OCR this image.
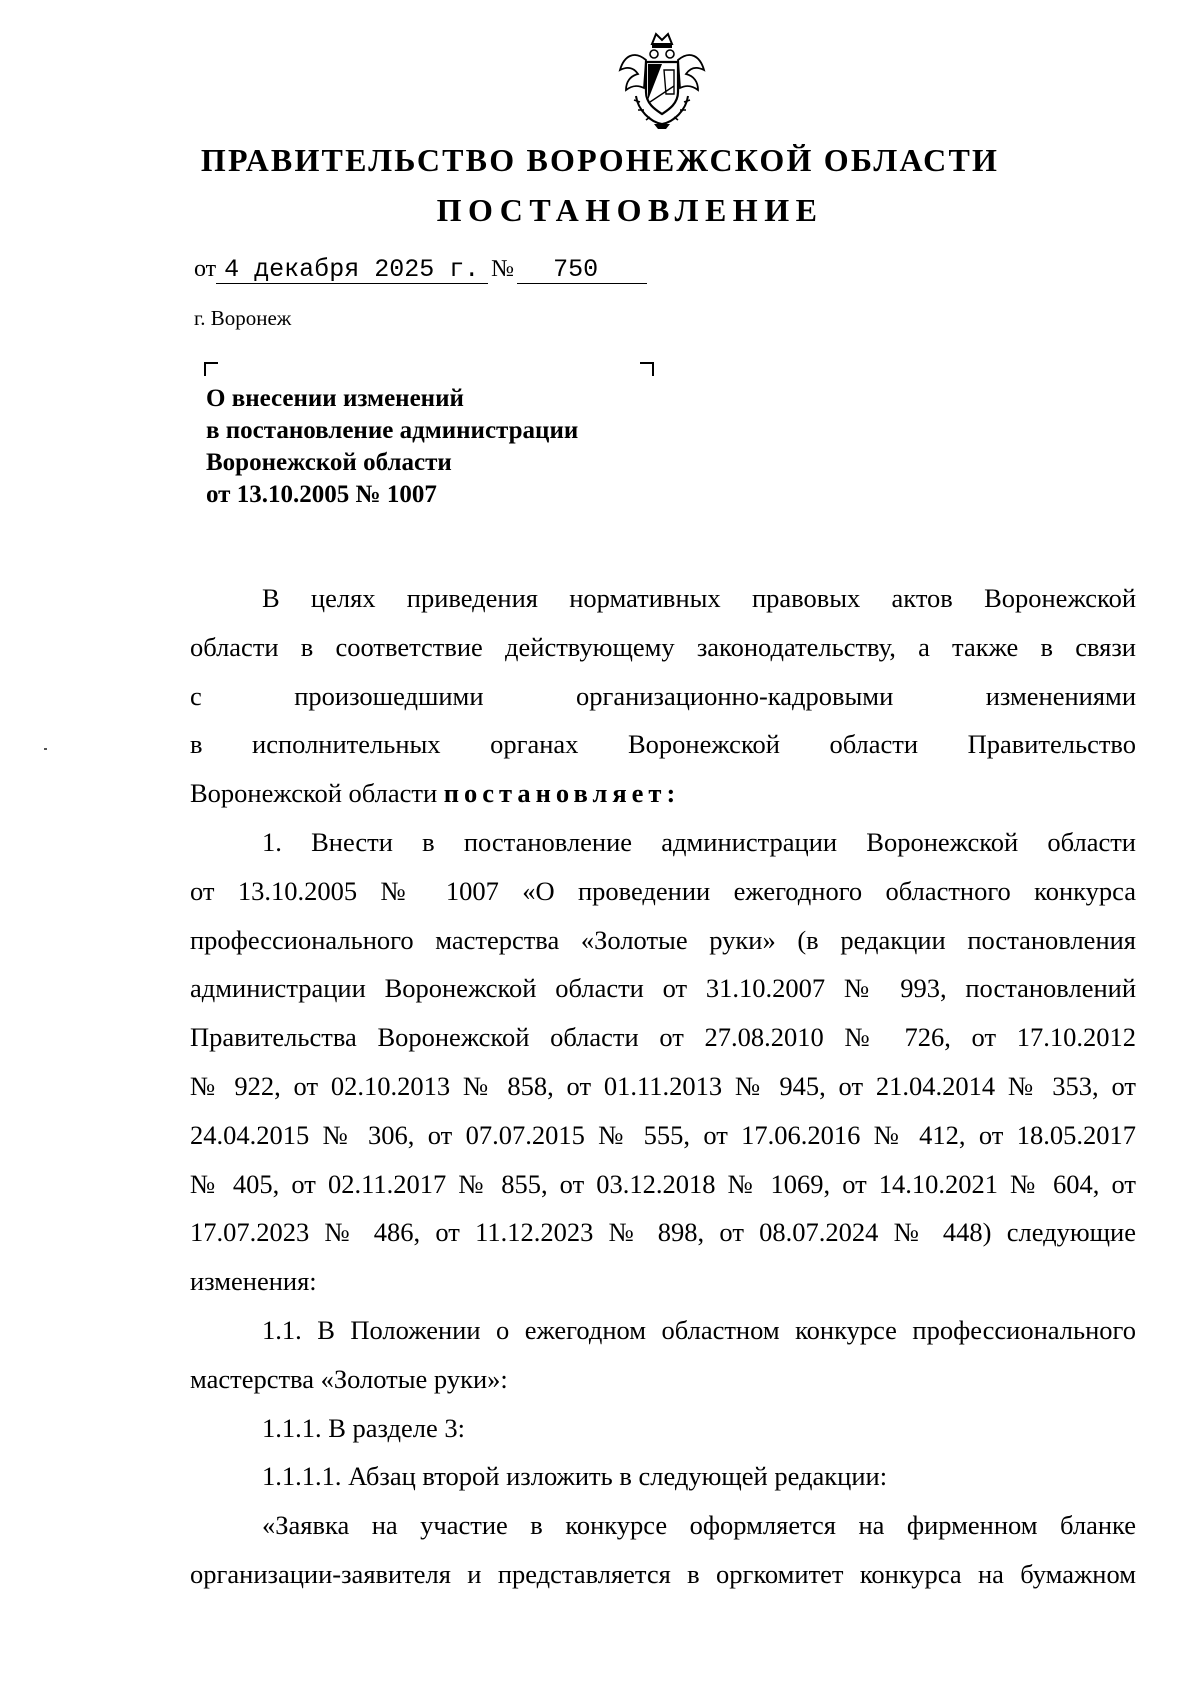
ПРАВИТЕЛЬСТВО ВОРОНЕЖСКОЙ ОБЛАСТИ
ПОСТАНОВЛЕНИЕ
от 4 декабря 2025 г. № 750
г. Воронеж
О внесении изменений
в постановление администрации
Воронежской области
от 13.10.2005 № 1007
В целях приведения нормативных правовых актов Воронежской
области в соответствие действующему законодательству, а также в связи
с произошедшими организационно-кадровыми изменениями
в исполнительных органах Воронежской области Правительство
Воронежской области постановляет:
1. Внести в постановление администрации Воронежской области
от 13.10.2005 № 1007 «О проведении ежегодного областного конкурса
профессионального мастерства «Золотые руки» (в редакции постановления
администрации Воронежской области от 31.10.2007 № 993, постановлений
Правительства Воронежской области от 27.08.2010 № 726, от 17.10.2012
№ 922, от 02.10.2013 № 858, от 01.11.2013 № 945, от 21.04.2014 № 353, от
24.04.2015 № 306, от 07.07.2015 № 555, от 17.06.2016 № 412, от 18.05.2017
№ 405, от 02.11.2017 № 855, от 03.12.2018 № 1069, от 14.10.2021 № 604, от
17.07.2023 № 486, от 11.12.2023 № 898, от 08.07.2024 № 448) следующие
изменения:
1.1. В Положении о ежегодном областном конкурсе профессионального
мастерства «Золотые руки»:
1.1.1. В разделе 3:
1.1.1.1. Абзац второй изложить в следующей редакции:
«Заявка на участие в конкурсе оформляется на фирменном бланке
организации-заявителя и представляется в оргкомитет конкурса на бумажном
